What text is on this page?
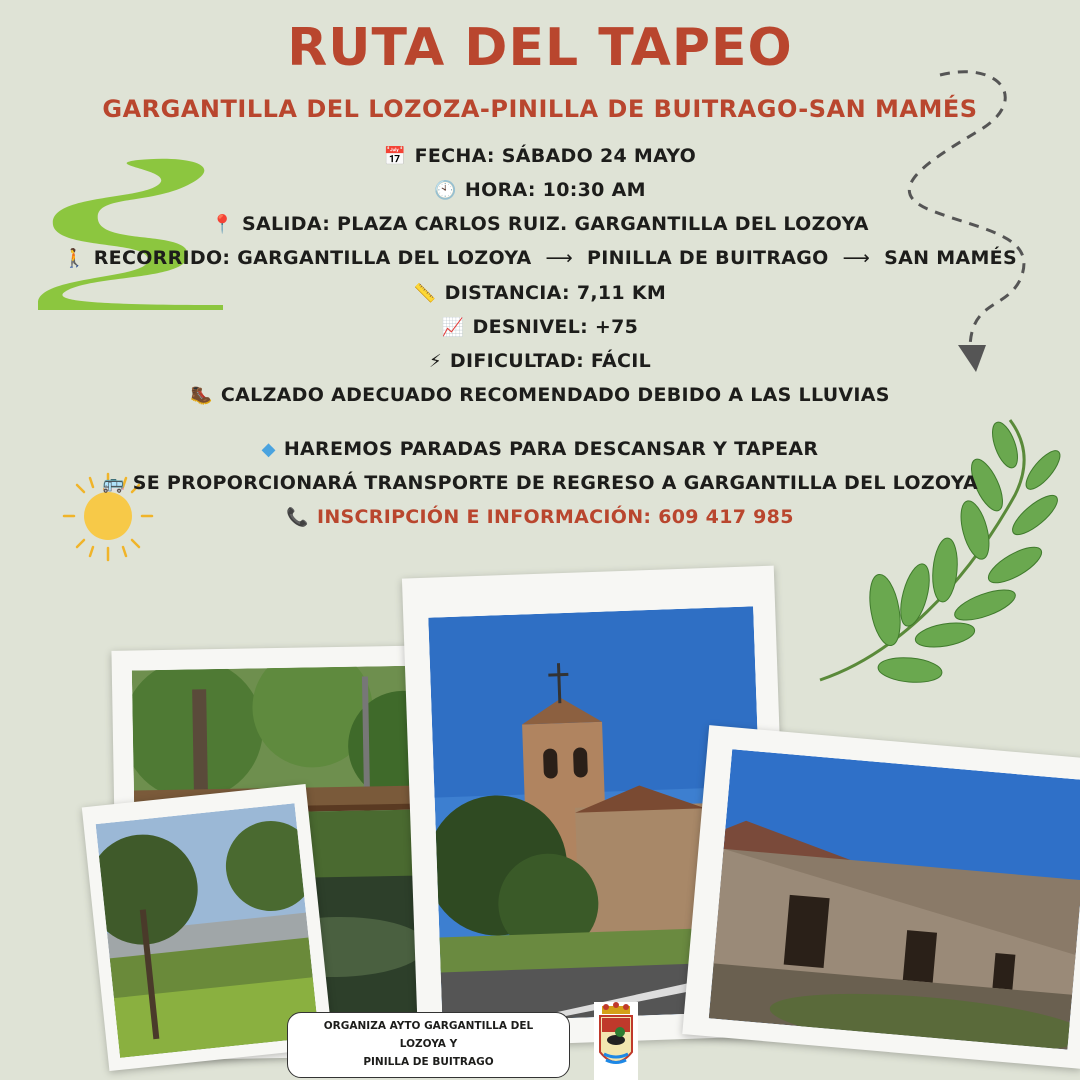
RUTA DEL TAPEO
GARGANTILLA DEL LOZOZA-PINILLA DE BUITRAGO-SAN MAMÉS
📅 FECHA: SÁBADO 24 MAYO
🕙 HORA: 10:30 AM
📍 SALIDA: PLAZA CARLOS RUIZ. GARGANTILLA DEL LOZOYA
🚶 RECORRIDO: GARGANTILLA DEL LOZOYA ⟶ PINILLA DE BUITRAGO ⟶ SAN MAMÉS
📏 DISTANCIA: 7,11 KM
📈 DESNIVEL: +75
⚡ DIFICULTAD: FÁCIL
🥾 CALZADO ADECUADO RECOMENDADO DEBIDO A LAS LLUVIAS
◆ HAREMOS PARADAS PARA DESCANSAR Y TAPEAR
🚌 SE PROPORCIONARÁ TRANSPORTE DE REGRESO A GARGANTILLA DEL LOZOYA
📞 INSCRIPCIÓN E INFORMACIÓN: 609 417 985
ORGANIZA AYTO GARGANTILLA DEL LOZOYA Y
PINILLA DE BUITRAGO
